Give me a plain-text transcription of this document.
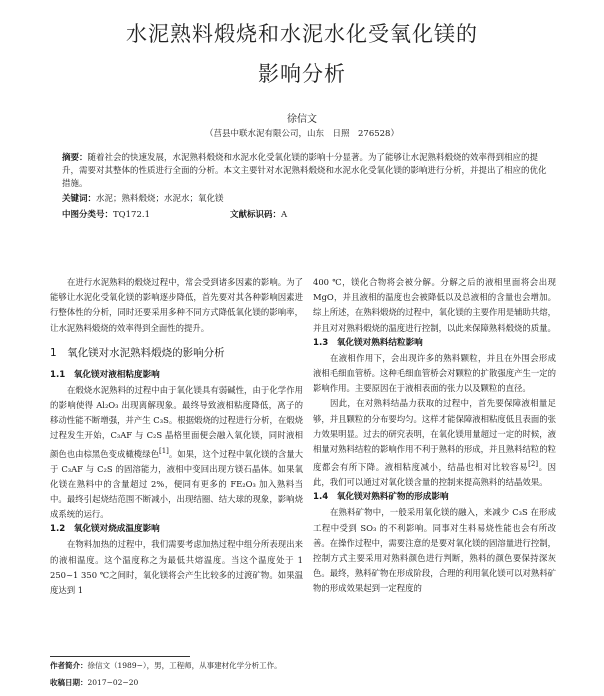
水泥熟料煅烧和水泥水化受氧化镁的
影响分析
徐信文
（莒县中联水泥有限公司，山东　日照　276528）
摘要：随着社会的快速发展，水泥熟料煅烧和水泥水化受氧化镁的影响十分显著。为了能够让水泥熟料煅烧的效率得到相应的提升，需要对其整体的性质进行全面的分析。本文主要针对水泥熟料煅烧和水泥水化受氧化镁的影响进行分析，并提出了相应的优化措施。
关键词：水泥；熟料煅烧；水泥水；氧化镁
中图分类号：TQ172.1	文献标识码：A

在进行水泥熟料的煅烧过程中，常会受到诸多因素的影响。为了能够让水泥化受氧化镁的影响逐步降低，首先要对其各种影响因素进行整体性的分析，同时还要采用多种不同方式降低氧化镁的影响率，让水泥熟料煅烧的效率得到全面性的提升。

1　氧化镁对水泥熟料煅烧的影响分析

1.1　氧化镁对液相粘度影响

在煅烧水泥熟料的过程中由于氧化镁具有弱碱性，由于化学作用的影响使得 Al₂O₃ 出现离解现象。最终导致液相粘度降低，离子的移动性能不断增强，并产生 C₃S。根据煅烧的过程进行分析，在煅烧过程发生开始，C₃AF 与 C₂S 晶格里面便会融入氧化镁，同时液相颜色也由棕黑色变成橄榄绿色[1]。如果，这个过程中氧化镁的含量大于 C₃AF 与 C₂S 的固溶能力，液相中变回出现方镁石晶体。如果氧化镁在熟料中的含量超过 2%，便同有更多的 FE₂O₃ 加入熟料当中。最终引起烧结范围不断减小，出现结圈、结大球的现象，影响烧成系统的运行。

1.2　氧化镁对烧成温度影响

在物料加热的过程中，我们需要考虑加热过程中组分所表现出来的液相温度。这个温度称之为最低共熔温度。当这个温度处于 1 250~1 350 ℃之间时，氧化镁将会产生比较多的过渡矿物。如果温度达到 1

400 ℃，镁化合物将会被分解。分解之后的液相里面将会出现 MgO，并且液相的温度也会被降低以及总液相的含量也会增加。综上所述，在熟料煅烧的过程中，氧化镁的主要作用是辅助共熔，并且对对熟料煅烧的温度进行控制，以此来保障熟料煅烧的质量。

1.3　氧化镁对熟料结粒影响

在液相作用下，会出现许多的熟料颗粒，并且在外围会形成液相毛细血管桥。这种毛细血管桥会对颗粒的扩散强度产生一定的影响作用。主要原因在于液相表面的张力以及颗粒的直径。

因此，在对熟料结晶力获取的过程中，首先要保障液相量足够，并且颗粒的分布要均匀。这样才能保障液相粘度低且表面的张力效果明显。过去的研究表明，在氧化镁用量超过一定的时候，液相量对熟料结粒的影响作用不利于熟料的形成，并且熟料结粒的粒度都会有所下降。液相粘度减小，结晶也相对比较容易[2]。因此，我们可以通过对氧化镁含量的控制来提高熟料的结晶效果。

1.4　氧化镁对熟料矿物的形成影响

在熟料矿物中，一般采用氧化镁的融入，来减少 C₃S 在形成工程中受到 SO₃ 的不利影响。同事对生料易烧性能也会有所改善。在操作过程中，需要注意的是要对氧化镁的固溶量进行控制，控制方式主要采用对熟料颜色进行判断，熟料的颜色要保持深灰色。最终，熟料矿物在形成阶段，合理的利用氧化镁可以对熟料矿物的形成效果起到一定程度的

作者简介：徐信文（1989−），男，工程师，从事建材化学分析工作。
收稿日期：2017−02−20
